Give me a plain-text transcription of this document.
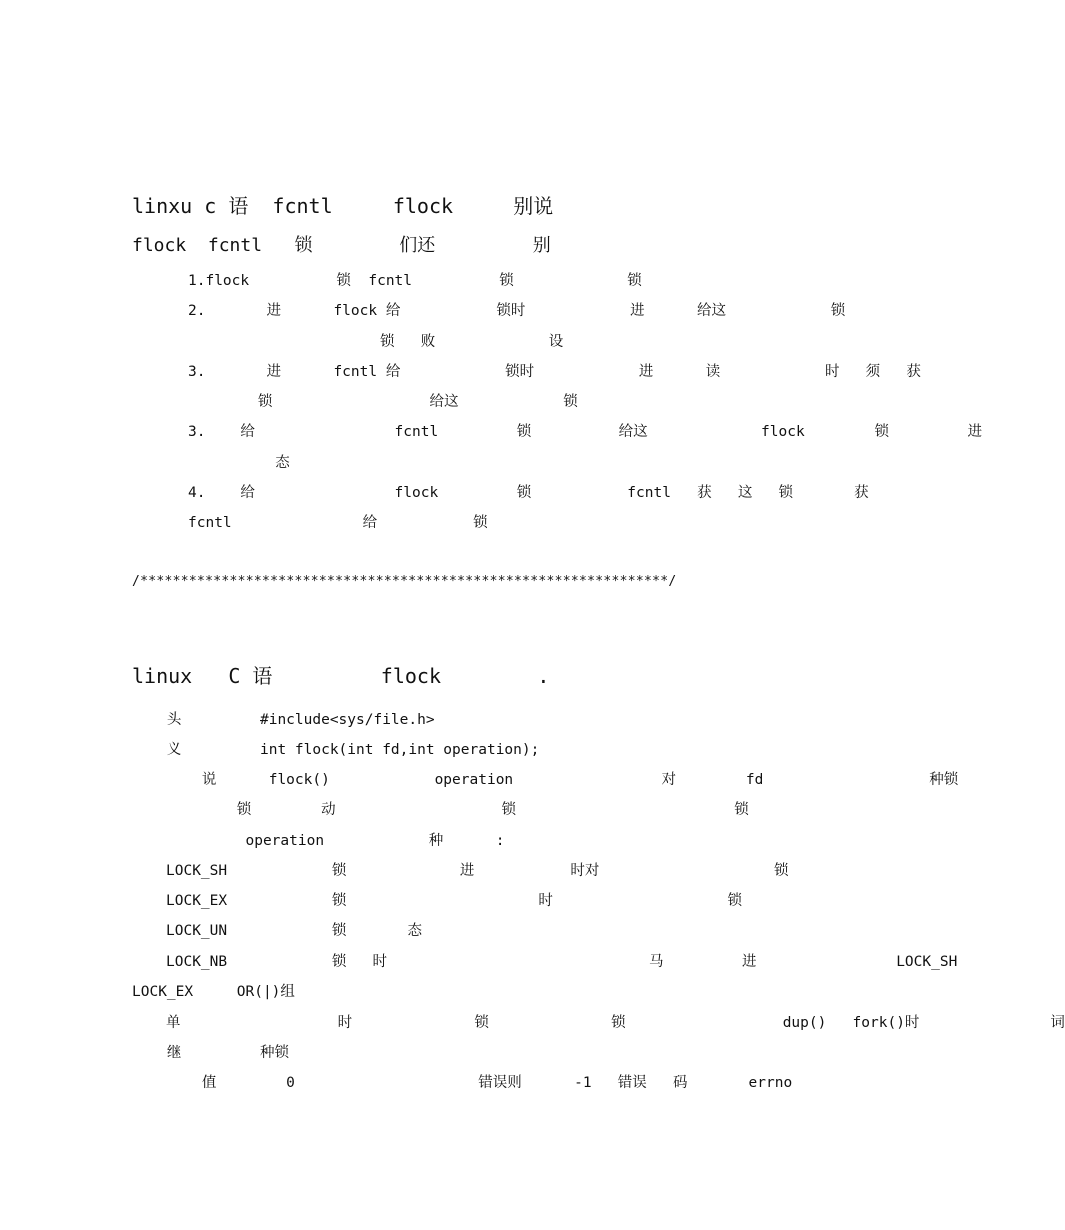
linxu c 语  fcntl     flock     别说
flock  fcntl   锁        们还         别
1.flock          锁  fcntl          锁             锁
2.       进      flock 给           锁时            进      给这            锁
锁   败             设
3.       进      fcntl 给            锁时            进      读            时   须   获
锁                  给这            锁
3.    给                fcntl         锁          给这             flock        锁         进
态
4.    给                flock         锁           fcntl   获   这   锁       获
fcntl               给           锁
/*****************************************************************/
linux   C 语         flock        .
头         #include<sys/file.h>
义         int flock(int fd,int operation);
说      flock()            operation                 对        fd                   种锁
锁        动                   锁                         锁
operation            种      :
LOCK_SH            锁             进           时对                    锁
LOCK_EX            锁                      时                    锁
LOCK_UN            锁       态
LOCK_NB            锁   时                              马         进                LOCK_SH
LOCK_EX     OR(|)组
单                  时              锁              锁                  dup()   fork()时               词
继         种锁
值        0                     错误则      -1   错误   码       errno
